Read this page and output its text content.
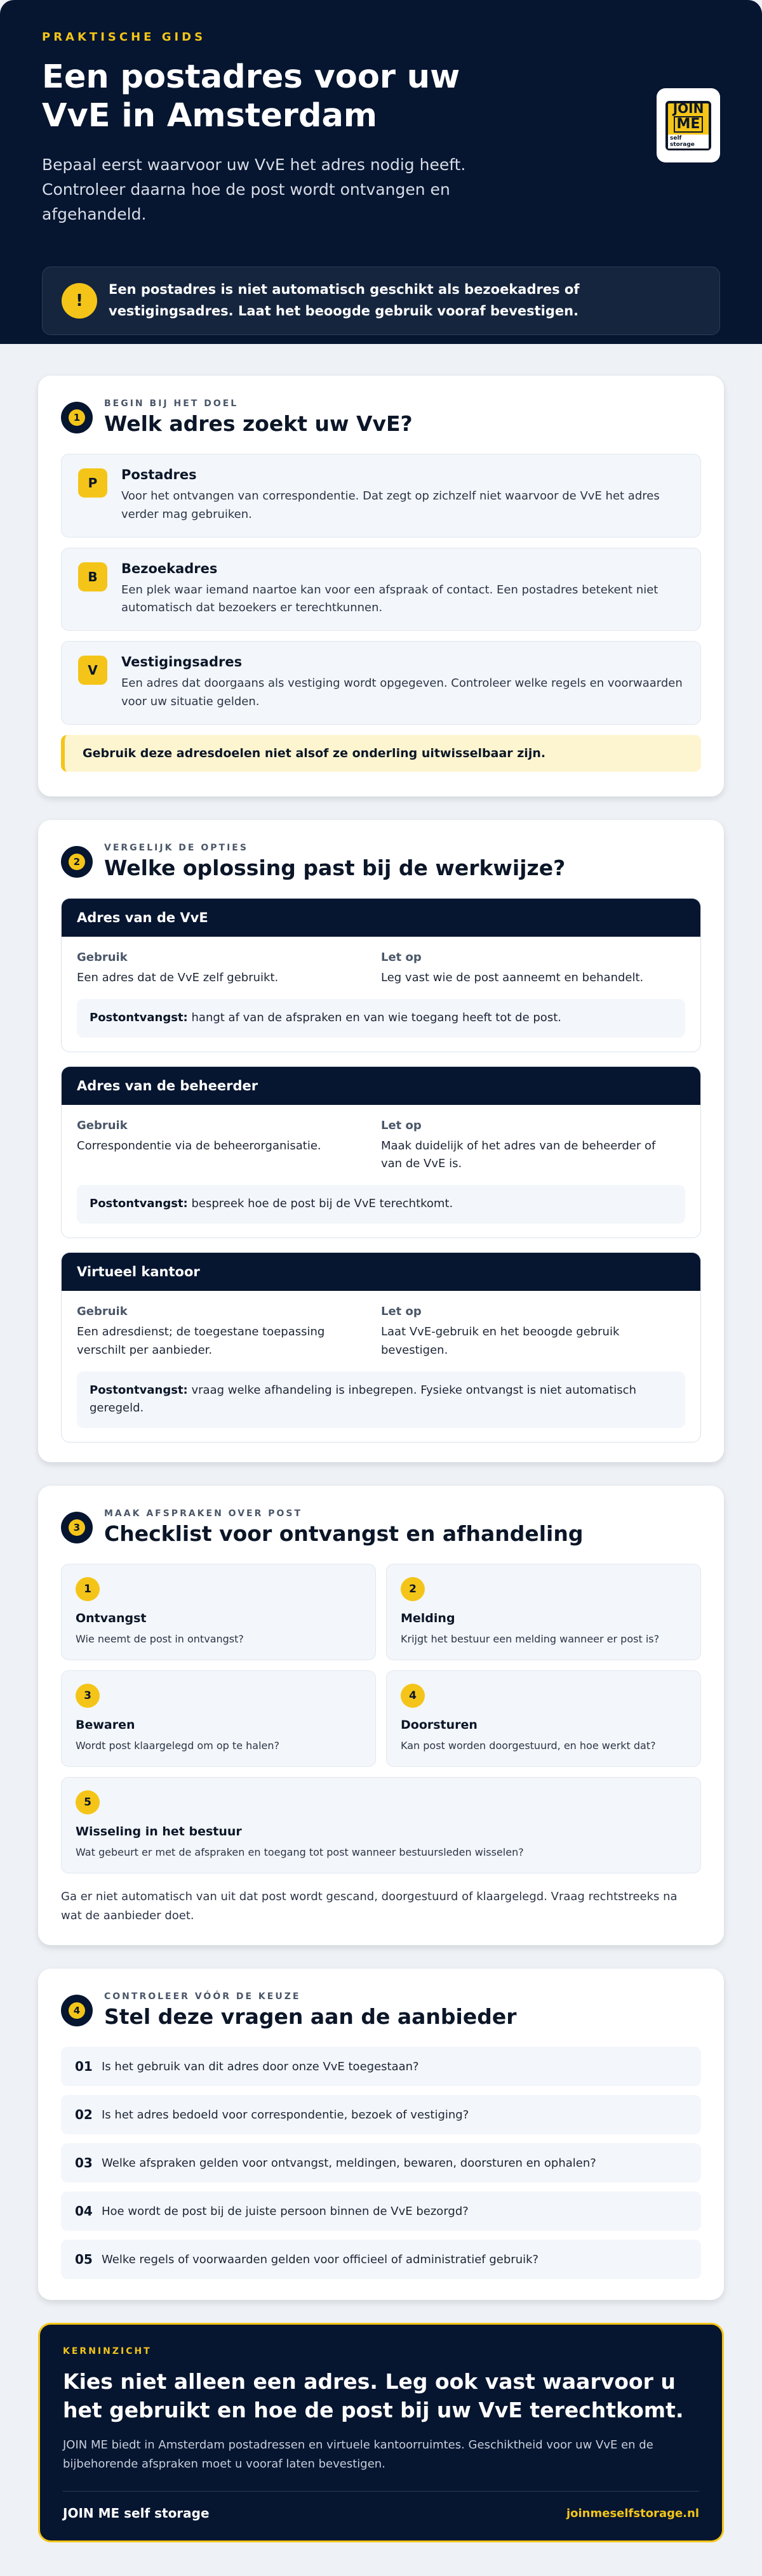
PRAKTISCHE GIDS
Een postadres voor uw VvE in Amsterdam

Bepaal eerst waarvoor uw VvE het adres nodig heeft. Controleer daarna hoe de post wordt ontvangen en afgehandeld.

JOIN
ME
self storage
!
Een postadres is niet automatisch geschikt als bezoekadres of vestigingsadres. Laat het beoogde gebruik vooraf bevestigen.
1
BEGIN BIJ HET DOEL
Welk adres zoekt uw VvE?
P
Postadres
Voor het ontvangen van correspondentie. Dat zegt op zichzelf niet waarvoor de VvE het adres verder mag gebruiken.
B
Bezoekadres
Een plek waar iemand naartoe kan voor een afspraak of contact. Een postadres betekent niet automatisch dat bezoekers er terechtkunnen.
V
Vestigingsadres
Een adres dat doorgaans als vestiging wordt opgegeven. Controleer welke regels en voorwaarden voor uw situatie gelden.
Gebruik deze adresdoelen niet alsof ze onderling uitwisselbaar zijn.
2
VERGELIJK DE OPTIES
Welke oplossing past bij de werkwijze?
Adres van de VvE
Gebruik
Een adres dat de VvE zelf gebruikt.
Let op
Leg vast wie de post aanneemt en behandelt.
Postontvangst: hangt af van de afspraken en van wie toegang heeft tot de post.
Adres van de beheerder
Gebruik
Correspondentie via de beheerorganisatie.
Let op
Maak duidelijk of het adres van de beheerder of van de VvE is.
Postontvangst: bespreek hoe de post bij de VvE terechtkomt.
Virtueel kantoor
Gebruik
Een adresdienst; de toegestane toepassing verschilt per aanbieder.
Let op
Laat VvE-gebruik en het beoogde gebruik bevestigen.
Postontvangst: vraag welke afhandeling is inbegrepen. Fysieke ontvangst is niet automatisch geregeld.
3
MAAK AFSPRAKEN OVER POST
Checklist voor ontvangst en afhandeling
1
Ontvangst
Wie neemt de post in ontvangst?
2
Melding
Krijgt het bestuur een melding wanneer er post is?
3
Bewaren
Wordt post klaargelegd om op te halen?
4
Doorsturen
Kan post worden doorgestuurd, en hoe werkt dat?
5
Wisseling in het bestuur
Wat gebeurt er met de afspraken en toegang tot post wanneer bestuursleden wisselen?

Ga er niet automatisch van uit dat post wordt gescand, doorgestuurd of klaargelegd. Vraag rechtstreeks na wat de aanbieder doet.

4
CONTROLEER VÓÓR DE KEUZE
Stel deze vragen aan de aanbieder
01 Is het gebruik van dit adres door onze VvE toegestaan?
02 Is het adres bedoeld voor correspondentie, bezoek of vestiging?
03 Welke afspraken gelden voor ontvangst, meldingen, bewaren, doorsturen en ophalen?
04 Hoe wordt de post bij de juiste persoon binnen de VvE bezorgd?
05 Welke regels of voorwaarden gelden voor officieel of administratief gebruik?
KERNINZICHT
Kies niet alleen een adres. Leg ook vast waarvoor u het gebruikt en hoe de post bij uw VvE terechtkomt.

JOIN ME biedt in Amsterdam postadressen en virtuele kantoorruimtes. Geschiktheid voor uw VvE en de bijbehorende afspraken moet u vooraf laten bevestigen.

JOIN ME self storage	joinmeselfstorage.nl
